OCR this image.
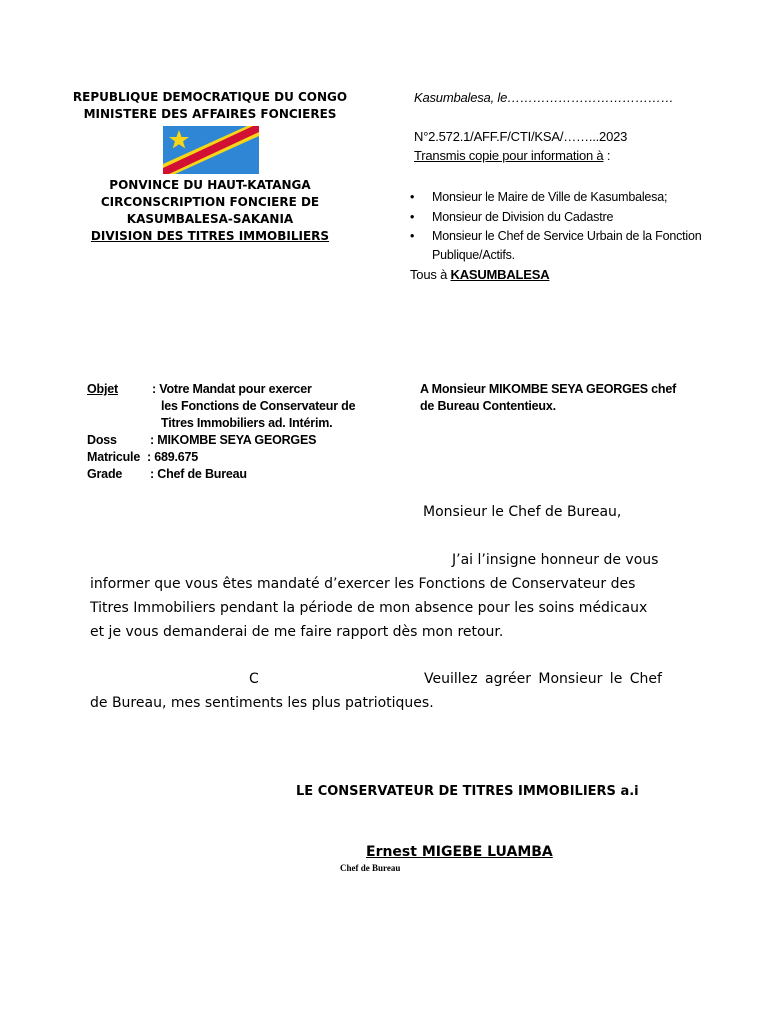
REPUBLIQUE DEMOCRATIQUE DU CONGO
MINISTERE DES AFFAIRES FONCIERES
PONVINCE DU HAUT-KATANGA
CIRCONSCRIPTION FONCIERE DE
KASUMBALESA-SAKANIA
DIVISION DES TITRES IMMOBILIERS
Kasumbalesa, le…………………………………
N°2.572.1/AFF.F/CTI/KSA/……...2023
Transmis copie pour information à :
• Monsieur le Maire de Ville de Kasumbalesa;
• Monsieur de Division du Cadastre
• Monsieur le Chef de Service Urbain de la Fonction Publique/Actifs.
Tous à KASUMBALESA
Objet	: Votre Mandat pour exercer
les Fonctions de Conservateur de
Titres Immobiliers ad. Intérim.
Doss	: MIKOMBE SEYA GEORGES
Matricule : 689.675
Grade : Chef de Bureau
A Monsieur MIKOMBE SEYA GEORGES chef
de Bureau Contentieux.
Monsieur le Chef de Bureau,
J’ai l’insigne honneur de vous
informer que vous êtes mandaté d’exercer les Fonctions de Conservateur des
Titres Immobiliers pendant la période de mon absence pour les soins médicaux
et je vous demanderai de me faire rapport dès mon retour.
C	Veuillez agréer Monsieur le Chef
de Bureau, mes sentiments les plus patriotiques.
LE CONSERVATEUR DE TITRES IMMOBILIERS a.i
Ernest MIGEBE LUAMBA
Chef de Bureau
